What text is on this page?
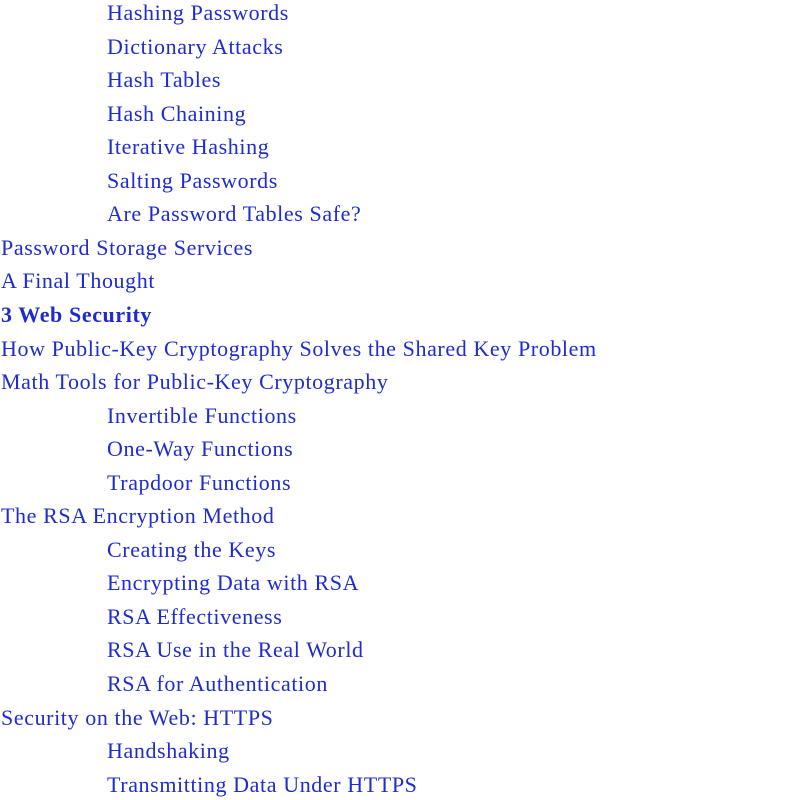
Hashing Passwords
Dictionary Attacks
Hash Tables
Hash Chaining
Iterative Hashing
Salting Passwords
Are Password Tables Safe?
Password Storage Services
A Final Thought
3 Web Security
How Public-Key Cryptography Solves the Shared Key Problem
Math Tools for Public-Key Cryptography
Invertible Functions
One-Way Functions
Trapdoor Functions
The RSA Encryption Method
Creating the Keys
Encrypting Data with RSA
RSA Effectiveness
RSA Use in the Real World
RSA for Authentication
Security on the Web: HTTPS
Handshaking
Transmitting Data Under HTTPS
